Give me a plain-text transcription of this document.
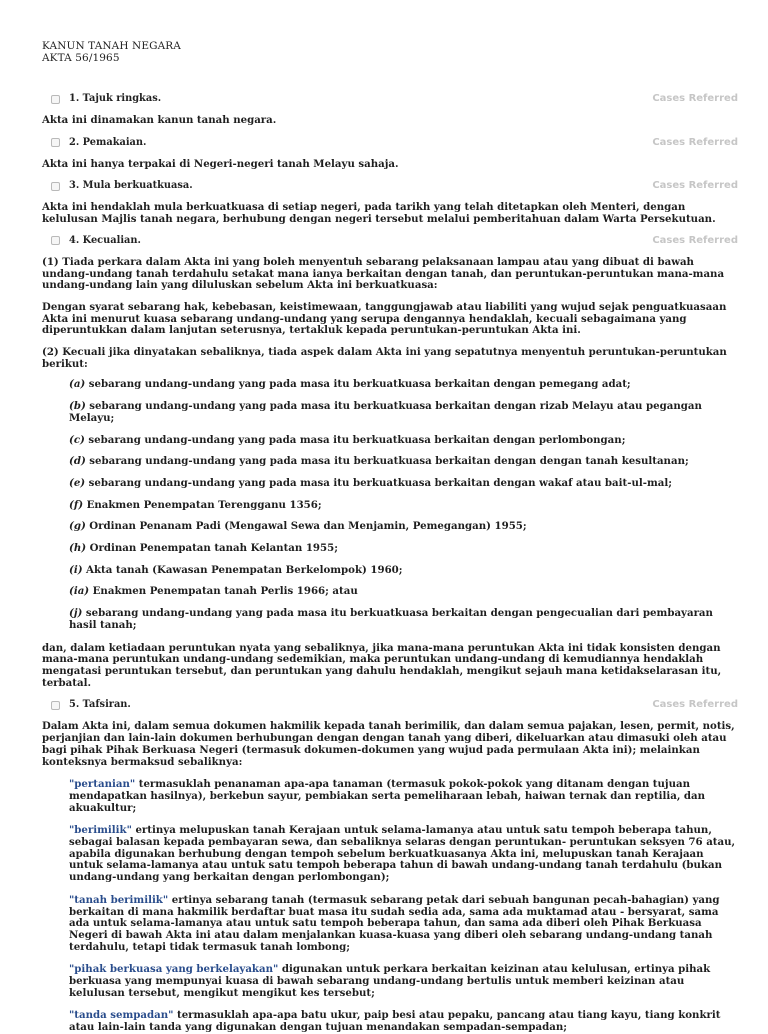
KANUN TANAH NEGARA
AKTA 56/1965
1. Tajuk ringkas.	Cases Referred

Akta ini dinamakan kanun tanah negara.

2. Pemakaian.	Cases Referred

Akta ini hanya terpakai di Negeri-negeri tanah Melayu sahaja.

3. Mula berkuatkuasa.	Cases Referred

Akta ini hendaklah mula berkuatkuasa di setiap negeri, pada tarikh yang telah ditetapkan oleh Menteri, dengan kelulusan Majlis tanah negara, berhubung dengan negeri tersebut melalui pemberitahuan dalam Warta Persekutuan.

4. Kecualian.	Cases Referred

(1) Tiada perkara dalam Akta ini yang boleh menyentuh sebarang pelaksanaan lampau atau yang dibuat di bawah undang-undang tanah terdahulu setakat mana ianya berkaitan dengan tanah, dan peruntukan-peruntukan mana-mana undang-undang lain yang diluluskan sebelum Akta ini berkuatkuasa:

Dengan syarat sebarang hak, kebebasan, keistimewaan, tanggungjawab atau liabiliti yang wujud sejak penguatkuasaan Akta ini menurut kuasa sebarang undang-undang yang serupa dengannya hendaklah, kecuali sebagaimana yang diperuntukkan dalam lanjutan seterusnya, tertakluk kepada peruntukan-peruntukan Akta ini.

(2) Kecuali jika dinyatakan sebaliknya, tiada aspek dalam Akta ini yang sepatutnya menyentuh peruntukan-peruntukan berikut:

(a) sebarang undang-undang yang pada masa itu berkuatkuasa berkaitan dengan pemegang adat;

(b) sebarang undang-undang yang pada masa itu berkuatkuasa berkaitan dengan rizab Melayu atau pegangan Melayu;

(c) sebarang undang-undang yang pada masa itu berkuatkuasa berkaitan dengan perlombongan;

(d) sebarang undang-undang yang pada masa itu berkuatkuasa berkaitan dengan dengan tanah kesultanan;

(e) sebarang undang-undang yang pada masa itu berkuatkuasa berkaitan dengan wakaf atau bait-ul-mal;

(f) Enakmen Penempatan Terengganu 1356;

(g) Ordinan Penanam Padi (Mengawal Sewa dan Menjamin, Pemegangan) 1955;

(h) Ordinan Penempatan tanah Kelantan 1955;

(i) Akta tanah (Kawasan Penempatan Berkelompok) 1960;

(ia) Enakmen Penempatan tanah Perlis 1966; atau

(j) sebarang undang-undang yang pada masa itu berkuatkuasa berkaitan dengan pengecualian dari pembayaran hasil tanah;

dan, dalam ketiadaan peruntukan nyata yang sebaliknya, jika mana-mana peruntukan Akta ini tidak konsisten dengan mana-mana peruntukan undang-undang sedemikian, maka peruntukan undang-undang di kemudiannya hendaklah mengatasi peruntukan tersebut, dan peruntukan yang dahulu hendaklah, mengikut sejauh mana ketidakselarasan itu, terbatal.

5. Tafsiran.	Cases Referred

Dalam Akta ini, dalam semua dokumen hakmilik kepada tanah berimilik, dan dalam semua pajakan, lesen, permit, notis, perjanjian dan lain-lain dokumen berhubungan dengan dengan tanah yang diberi, dikeluarkan atau dimasuki oleh atau bagi pihak Pihak Berkuasa Negeri (termasuk dokumen-dokumen yang wujud pada permulaan Akta ini); melainkan konteksnya bermaksud sebaliknya:

"pertanian" termasuklah penanaman apa-apa tanaman (termasuk pokok-pokok yang ditanam dengan tujuan mendapatkan hasilnya), berkebun sayur, pembiakan serta pemeliharaan lebah, haiwan ternak dan reptilia, dan akuakultur;

"berimilik" ertinya melupuskan tanah Kerajaan untuk selama-lamanya atau untuk satu tempoh beberapa tahun, sebagai balasan kepada pembayaran sewa, dan sebaliknya selaras dengan peruntukan- peruntukan seksyen 76 atau, apabila digunakan berhubung dengan tempoh sebelum berkuatkuasanya Akta ini, melupuskan tanah Kerajaan untuk selama-lamanya atau untuk satu tempoh beberapa tahun di bawah undang-undang tanah terdahulu (bukan undang-undang yang berkaitan dengan perlombongan);

"tanah berimilik" ertinya sebarang tanah (termasuk sebarang petak dari sebuah bangunan pecah-bahagian) yang berkaitan di mana hakmilik berdaftar buat masa itu sudah sedia ada, sama ada muktamad atau - bersyarat, sama ada untuk selama-lamanya atau untuk satu tempoh beberapa tahun, dan sama ada diberi oleh Pihak Berkuasa Negeri di bawah Akta ini atau dalam menjalankan kuasa-kuasa yang diberi oleh sebarang undang-undang tanah terdahulu, tetapi tidak termasuk tanah lombong;

"pihak berkuasa yang berkelayakan" digunakan untuk perkara berkaitan keizinan atau kelulusan, ertinya pihak berkuasa yang mempunyai kuasa di bawah sebarang undang-undang bertulis untuk memberi keizinan atau kelulusan tersebut, mengikut mengikut kes tersebut;

"tanda sempadan" termasuklah apa-apa batu ukur, paip besi atau pepaku, pancang atau tiang kayu, tiang konkrit atau lain-lain tanda yang digunakan dengan tujuan menandakan sempadan-sempadan;
